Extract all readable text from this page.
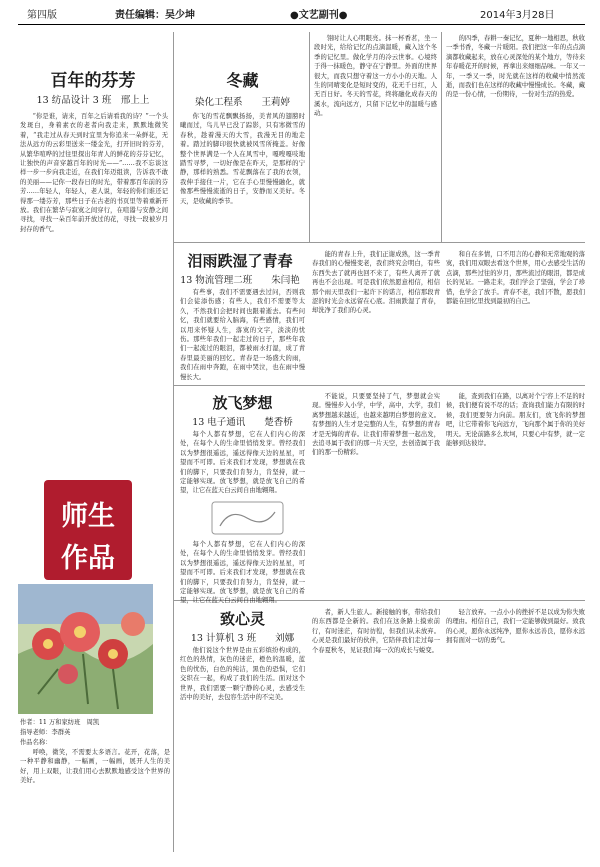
第四版	责任编辑：吴少坤	●文艺副刊●	2014年3月28日
百年的芬芳
13 纺品设计 3 班　邢上上

“你是谁，请来，百年之后请看我的诗？”一个头发斑白，身着素衣的老者向我走来，默默地微笑着，“我走过从春天到时宜里为你追来一朵鲜花，无法从远方的云彩里送来一缕金光，打开旧时的芬芳，从繁华喧哗的过往里探出年青人的鲜花的芬芬记忆，让独快的声音穿越百年的时光——”……我不忘谈这样一步一步向我走近，在我们年迈组读，告诉我不敢的美丽——记你一段春日的时光，带着那百年前的芬芳……年轻人，年轻人，老人说，年轻的你们谁还记得那一缕芬芳，那些日子在古老的书页里等着重新开放。我们在繁华与寂寞之间穿行，在喧嚣与安静之间寻找，寻找一朵百年前开放过的花，寻找一段被岁月封存的香气。

师生
作品
作者：11 万和家纺班　周凯
指导老师：李群英
作品名称：

呼唤，微笑，不需要太多语言。花开，花落，是一种平静和幽静，一幅画，一幅画，展开人生的美好，用上双眼，让我们用心去默默地感受这个世界的美好。

冬藏
染化工程系　　王莉婷

你飞的雪花飘飘扬扬，美青风的翅膀时曦而过，鸟儿早已没了踪影，只有寒微雪的春秋，趁着漫天的大雪，我漫无目的地走着。踏过的脚印很快就被风雪所掩盖。好像整个世界满是一个人在风雪中，嘎嗖嘎吱地踏雪寻梦，一切好像是在昨天，是那样的宁静，那样的熟悉。雪花飘落在了我的衣领，我伸手接住一片，它在手心里慢慢融化，就像那些慢慢流逝的日子，安静而又美好。冬天，是收藏的季节。

翎时让人心明眼亮。抹一杯香茗，坐一段时光，给给记忆的点滴温暖，藏入这个冬季的记忆里。做化学月的冷云世事。心境终于得一抹暖色，静守在宁静里。外面的世界很大，而我只想守着这一方小小的天地。人生的同晴变化是短时变的，花无千日红，人无百日好。冬天的雪花，终将融化成春天的溪水，流向远方，只留下记忆中的温暖与感动。

的四季，春耕一秦记忆，夏种一地相思，秋收一季书香，冬藏一片暖阳。我们把这一年的点点滴滴都收藏起来，放在心灵深处的某个地方，等待来年春暖花开的时候，再拿出来细细品味。一年又一年，一季又一季，时光就在这样的收藏中悄然流逝，而我们也在这样的收藏中慢慢成长。冬藏，藏的是一份心情，一份期待，一份对生活的热爱。

泪雨跌湿了青春
13 物流管理二班　　朱闫艳

有些事，我们不需要遇去过问，否则我们会徒添伤感；有些人，我们不需要等太久，不然我们会把时间也跟着逝去。有些问忆，我们就要给入脑海，有些感情，我们可以用来怀疑人生，落寞的文字，淡淡的忧伤。那些年我们一起走过的日子，那些年我们一起流过的眼泪，都被雨水打湿，成了青春里最美丽的回忆。青春是一场盛大的雨，我们在雨中奔跑，在雨中哭泣，也在雨中慢慢长大。

能的青春上升，我们正谢成熟，这一季青春我们的心慢慢变老，我们终究会明白，有些东西失去了就再也回不来了，有些人离开了就再也不会出现。可是我们依然愿意相信，相信那个雨天里我们一起许下的诺言，相信那段青涩的时光会永远留在心底。泪雨跌湿了青春，却洗净了我们的心灵。

和自在多情，口不用言的心静和无常地观的落寞，我们用双眼去看这个世界，用心去感受生活的点滴，那些过往的岁月，那些流过的眼泪，都是成长的见证。一路走来，我们学会了坚强，学会了珍惜，也学会了放手。青春不老，我们不散，愿我们都能在回忆里找到最初的自己。

放飞梦想
13 电子通讯　　楚香桥

每个人都有梦想，它在人们内心的深处，在每个人的生命里悄悄发芽。曾经我们以为梦想很遥远，遥远得像天边的星星，可望而不可即。后来我们才发现，梦想就在我们的脚下，只要我们肯努力，肯坚持，就一定能够实现。放飞梦想，就是放飞自己的希望，让它在蓝天白云间自由地翱翔。

每个人都有梦想，它在人们内心的深处，在每个人的生命里悄悄发芽。曾经我们以为梦想很遥远，遥远得像天边的星星，可望而不可即。后来我们才发现，梦想就在我们的脚下，只要我们肯努力，肯坚持，就一定能够实现。放飞梦想，就是放飞自己的希望，让它在蓝天白云间自由地翱翔。

不能说，只要要坚持了气，梦想就会实现。慢慢步入小学，中学，高中，大学，我们离梦想越来越近，也越来越明白梦想的意义。有梦想的人生才是完整的人生，有梦想的青春才是无悔的青春。让我们带着梦想一起出发，去追寻属于我们的那一片天空，去创造属于我们的那一份精彩。

能，查到我们在路，以离对个宁容上不足的时候，我们便有说不尽的话；查询我们能力有限的时候，我们更要努力向前。朋友们，放飞你的梦想吧，让它带着你飞向远方，飞向那个属于你的美好明天。无论前路多么坎坷，只要心中有梦，就一定能够到达彼岸。

致心灵
13 计算机 3 班　　刘娜

他们说这个世界是由五彩缤纷构成的，红色的热情，灰色的迷茫，橙色的温暖，蓝色的忧伤，白色的纯洁，黑色的恐惧，它们交织在一起，构成了我们的生活。面对这个世界，我们需要一颗宁静的心灵，去感受生活中的美好，去包容生活中的不完美。

者，新人生旅人。新接触的事，带给我们的东西都是全新的。我们在这条路上摸索前行，有时迷茫，有时彷徨，但我们从未放弃。心灵是我们最好的伙伴，它陪伴我们走过每一个春夏秋冬，见证我们每一次的成长与蜕变。

轻言放弃。一点小小的挫折不足以成为你失败的理由。相信自己，我们一定能够做到最好。致我的心灵，愿你永远纯净，愿你永远善良，愿你永远拥有面对一切的勇气。
